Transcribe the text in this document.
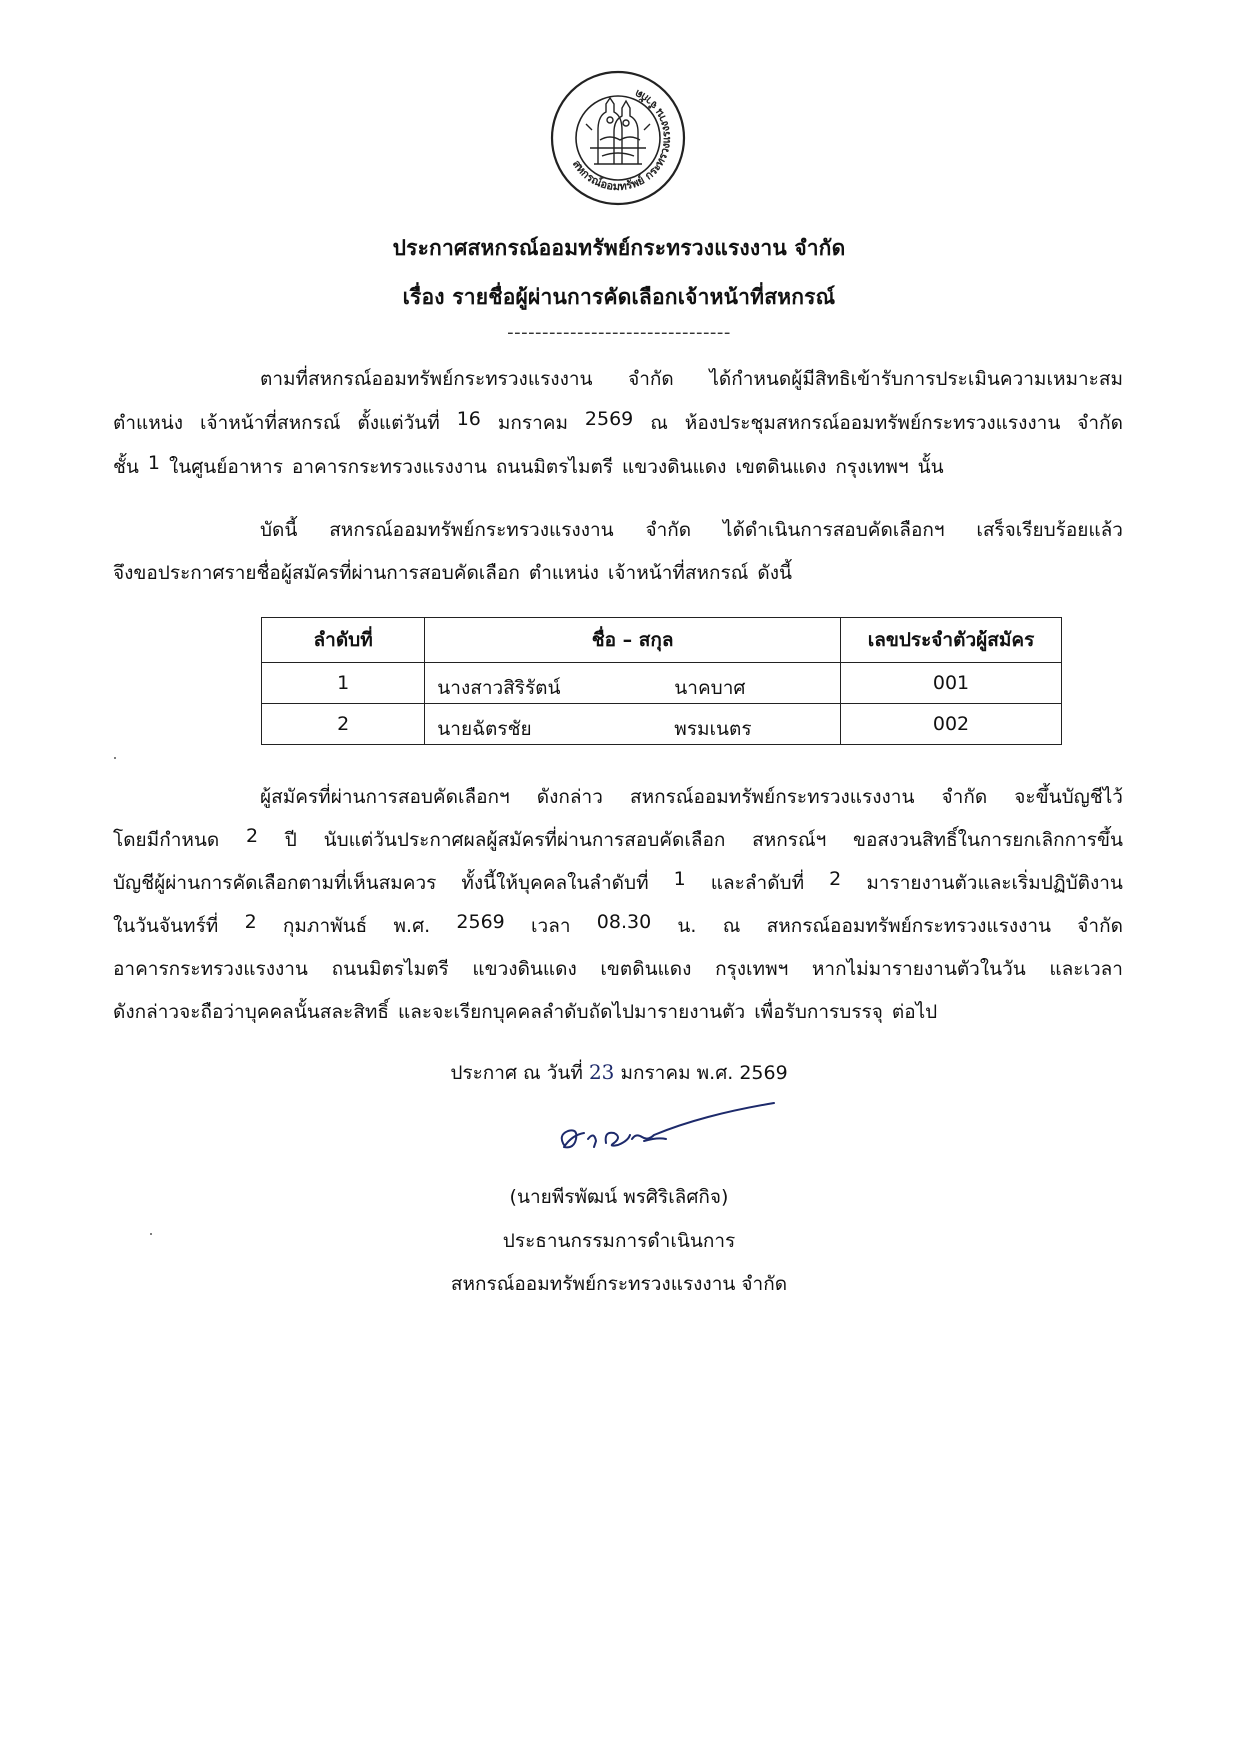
สหกรณ์ออมทรัพย์ กระทรวงแรงงาน จำกัด
ประกาศสหกรณ์ออมทรัพย์กระทรวงแรงงาน จำกัด
เรื่อง รายชื่อผู้ผ่านการคัดเลือกเจ้าหน้าที่สหกรณ์
--------------------------------
ตามที่สหกรณ์ออมทรัพย์กระทรวงแรงงาน จำกัด ได้กำหนดผู้มีสิทธิเข้ารับการประเมินความเหมาะสม
ตำแหน่ง เจ้าหน้าที่สหกรณ์ ตั้งแต่วันที่ 16 มกราคม 2569 ณ ห้องประชุมสหกรณ์ออมทรัพย์กระทรวงแรงงาน จำกัด
ชั้น 1 ในศูนย์อาหาร อาคารกระทรวงแรงงาน ถนนมิตรไมตรี แขวงดินแดง เขตดินแดง กรุงเทพฯ นั้น
บัดนี้ สหกรณ์ออมทรัพย์กระทรวงแรงงาน จำกัด ได้ดำเนินการสอบคัดเลือกฯ เสร็จเรียบร้อยแล้ว
จึงขอประกาศรายชื่อผู้สมัครที่ผ่านการสอบคัดเลือก ตำแหน่ง เจ้าหน้าที่สหกรณ์ ดังนี้
ลำดับที่	ชื่อ – สกุล	เลขประจำตัวผู้สมัคร
1	นางสาวสิริรัตน์ นาคบาศ	001
2	นายฉัตรชัย พรมเนตร	002
ผู้สมัครที่ผ่านการสอบคัดเลือกฯ ดังกล่าว สหกรณ์ออมทรัพย์กระทรวงแรงงาน จำกัด จะขึ้นบัญชีไว้
โดยมีกำหนด 2 ปี นับแต่วันประกาศผลผู้สมัครที่ผ่านการสอบคัดเลือก สหกรณ์ฯ ขอสงวนสิทธิ์ในการยกเลิกการขึ้น
บัญชีผู้ผ่านการคัดเลือกตามที่เห็นสมควร ทั้งนี้ให้บุคคลในลำดับที่ 1 และลำดับที่ 2 มารายงานตัวและเริ่มปฏิบัติงาน
ในวันจันทร์ที่ 2 กุมภาพันธ์ พ.ศ. 2569 เวลา 08.30 น. ณ สหกรณ์ออมทรัพย์กระทรวงแรงงาน จำกัด
อาคารกระทรวงแรงงาน ถนนมิตรไมตรี แขวงดินแดง เขตดินแดง กรุงเทพฯ หากไม่มารายงานตัวในวัน และเวลา
ดังกล่าวจะถือว่าบุคคลนั้นสละสิทธิ์ และจะเรียกบุคคลลำดับถัดไปมารายงานตัว เพื่อรับการบรรจุ ต่อไป
ประกาศ ณ วันที่ 23 มกราคม พ.ศ. 2569
(นายพีรพัฒน์ พรศิริเลิศกิจ)
ประธานกรรมการดำเนินการ
สหกรณ์ออมทรัพย์กระทรวงแรงงาน จำกัด
